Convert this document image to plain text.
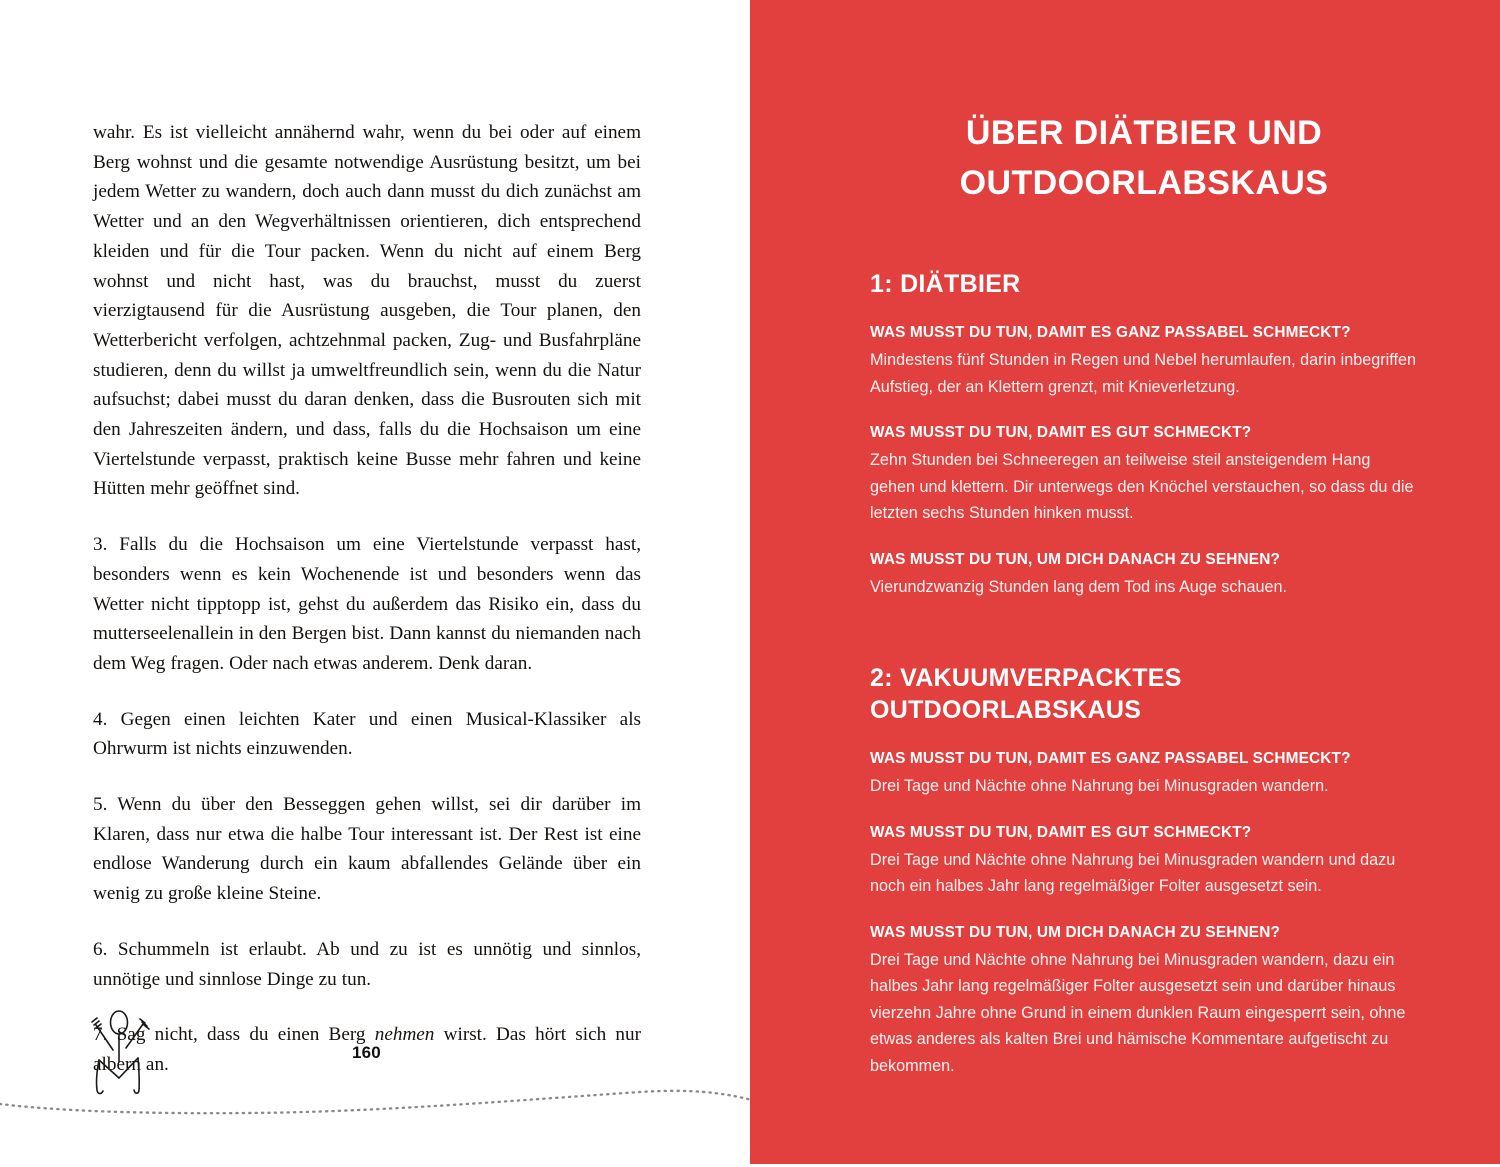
wahr. Es ist vielleicht annähernd wahr, wenn du bei oder auf einem Berg wohnst und die gesamte notwendige Ausrüstung besitzt, um bei jedem Wetter zu wandern, doch auch dann musst du dich zunächst am Wetter und an den Wegverhältnissen orientieren, dich entsprechend kleiden und für die Tour packen. Wenn du nicht auf einem Berg wohnst und nicht hast, was du brauchst, musst du zuerst vierzigtausend für die Ausrüstung ausgeben, die Tour planen, den Wetterbericht verfolgen, achtzehnmal packen, Zug- und Busfahrpläne studieren, denn du willst ja umweltfreundlich sein, wenn du die Natur aufsuchst; dabei musst du daran denken, dass die Busrouten sich mit den Jahreszeiten ändern, und dass, falls du die Hochsaison um eine Viertelstunde verpasst, praktisch keine Busse mehr fahren und keine Hütten mehr geöffnet sind.

3. Falls du die Hochsaison um eine Viertelstunde verpasst hast, besonders wenn es kein Wochenende ist und besonders wenn das Wetter nicht tipptopp ist, gehst du außerdem das Risiko ein, dass du mutterseelenallein in den Bergen bist. Dann kannst du niemanden nach dem Weg fragen. Oder nach etwas anderem. Denk daran.

4. Gegen einen leichten Kater und einen Musical-Klassiker als Ohrwurm ist nichts einzuwenden.

5. Wenn du über den Besseggen gehen willst, sei dir darüber im Klaren, dass nur etwa die halbe Tour interessant ist. Der Rest ist eine endlose Wanderung durch ein kaum abfallendes Gelände über ein wenig zu große kleine Steine.

6. Schummeln ist erlaubt. Ab und zu ist es unnötig und sinnlos, unnötige und sinnlose Dinge zu tun.

7. Sag nicht, dass du einen Berg nehmen wirst. Das hört sich nur albern an.

160
ÜBER DIÄTBIER UND OUTDOORLABSKAUS
1: DIÄTBIER

WAS MUSST DU TUN, DAMIT ES GANZ PASSABEL SCHMECKT?

Mindestens fünf Stunden in Regen und Nebel herumlaufen, darin inbegriffen Aufstieg, der an Klettern grenzt, mit Knieverletzung.

WAS MUSST DU TUN, DAMIT ES GUT SCHMECKT?

Zehn Stunden bei Schneeregen an teilweise steil ansteigendem Hang gehen und klettern. Dir unterwegs den Knöchel verstauchen, so dass du die letzten sechs Stunden hinken musst.

WAS MUSST DU TUN, UM DICH DANACH ZU SEHNEN?

Vierundzwanzig Stunden lang dem Tod ins Auge schauen.

2: VAKUUMVERPACKTES OUTDOORLABSKAUS

WAS MUSST DU TUN, DAMIT ES GANZ PASSABEL SCHMECKT?

Drei Tage und Nächte ohne Nahrung bei Minusgraden wandern.

WAS MUSST DU TUN, DAMIT ES GUT SCHMECKT?

Drei Tage und Nächte ohne Nahrung bei Minusgraden wandern und dazu noch ein halbes Jahr lang regelmäßiger Folter ausgesetzt sein.

WAS MUSST DU TUN, UM DICH DANACH ZU SEHNEN?

Drei Tage und Nächte ohne Nahrung bei Minusgraden wandern, dazu ein halbes Jahr lang regelmäßiger Folter ausgesetzt sein und darüber hinaus vierzehn Jahre ohne Grund in einem dunklen Raum eingesperrt sein, ohne etwas anderes als kalten Brei und hämische Kommentare aufgetischt zu bekommen.
